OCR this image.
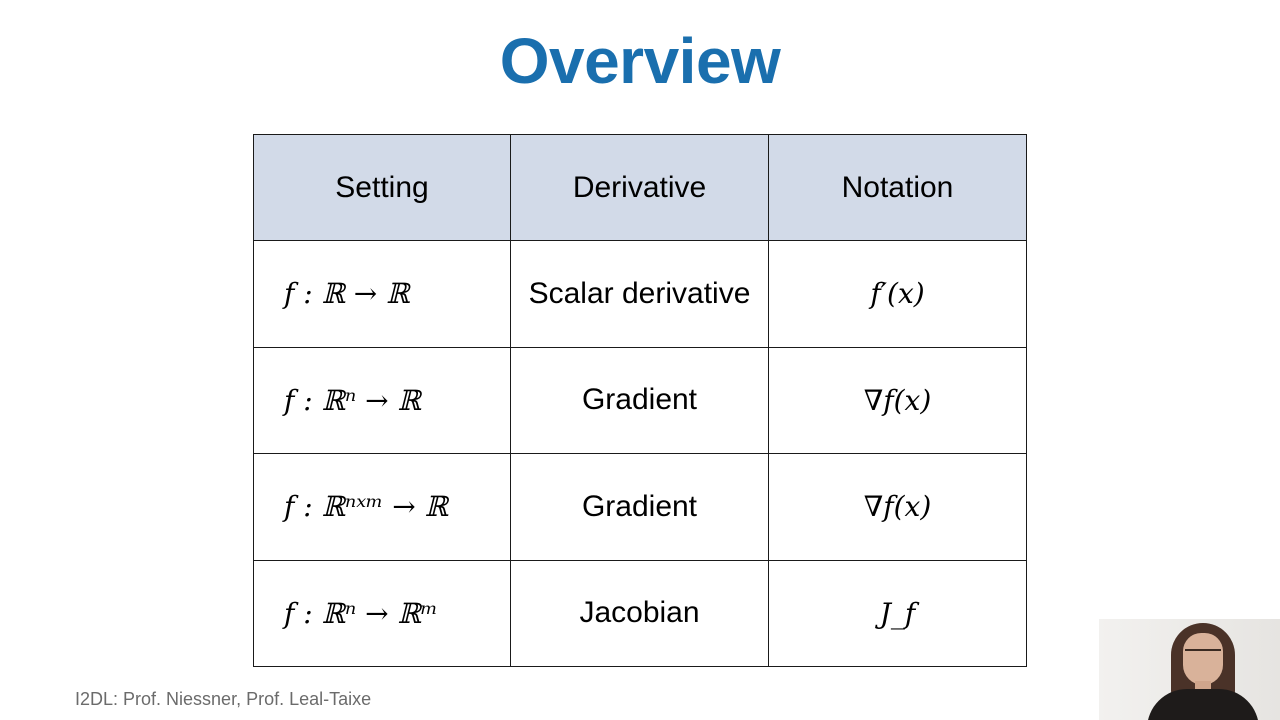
Overview
Setting	Derivative	Notation
f : ℝ → ℝ	Scalar derivative	f′(x)
f : ℝⁿ → ℝ	Gradient	∇f(x)
f : ℝⁿˣᵐ → ℝ	Gradient	∇f(x)
f : ℝⁿ → ℝᵐ	Jacobian	J_f
I2DL: Prof. Niessner, Prof. Leal-Taixe
